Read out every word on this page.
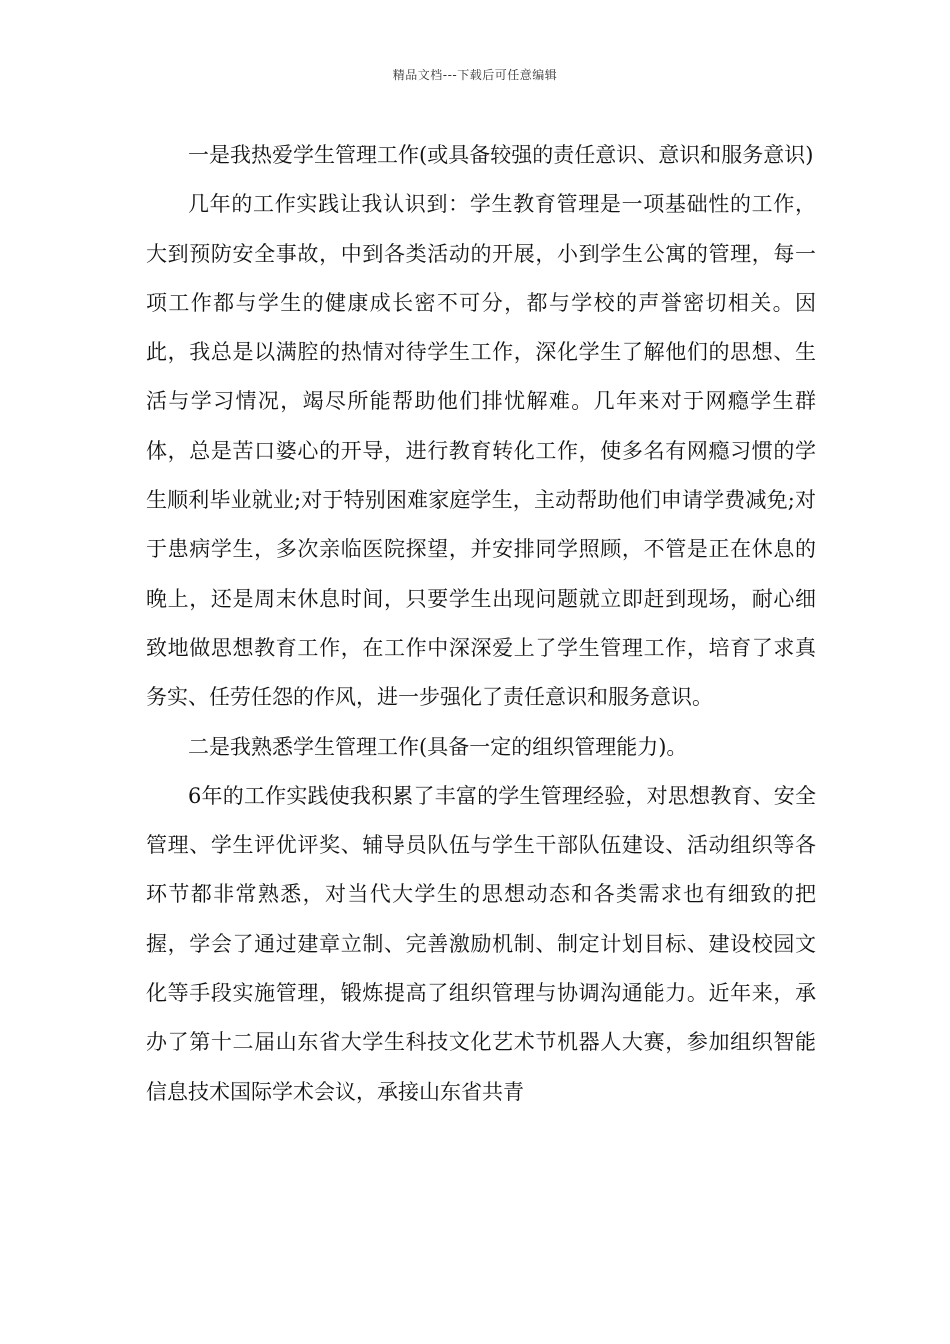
精品文档---下载后可任意编辑

一是我热爱学生管理工作(或具备较强的责任意识、意识和服务意识)

几年的工作实践让我认识到：学生教育管理是一项基础性的工作，大到预防安全事故，中到各类活动的开展，小到学生公寓的管理，每一项工作都与学生的健康成长密不可分，都与学校的声誉密切相关。因此，我总是以满腔的热情对待学生工作，深化学生了解他们的思想、生活与学习情况，竭尽所能帮助他们排忧解难。几年来对于网瘾学生群体，总是苦口婆心的开导，进行教育转化工作，使多名有网瘾习惯的学生顺利毕业就业;对于特别困难家庭学生，主动帮助他们申请学费减免;对于患病学生，多次亲临医院探望，并安排同学照顾，不管是正在休息的晚上，还是周末休息时间，只要学生出现问题就立即赶到现场，耐心细致地做思想教育工作，在工作中深深爱上了学生管理工作，培育了求真务实、任劳任怨的作风，进一步强化了责任意识和服务意识。

二是我熟悉学生管理工作(具备一定的组织管理能力)。

6年的工作实践使我积累了丰富的学生管理经验，对思想教育、安全管理、学生评优评奖、辅导员队伍与学生干部队伍建设、活动组织等各环节都非常熟悉，对当代大学生的思想动态和各类需求也有细致的把握，学会了通过建章立制、完善激励机制、制定计划目标、建设校园文化等手段实施管理，锻炼提高了组织管理与协调沟通能力。近年来，承办了第十二届山东省大学生科技文化艺术节机器人大赛，参加组织智能信息技术国际学术会议，承接山东省共青
